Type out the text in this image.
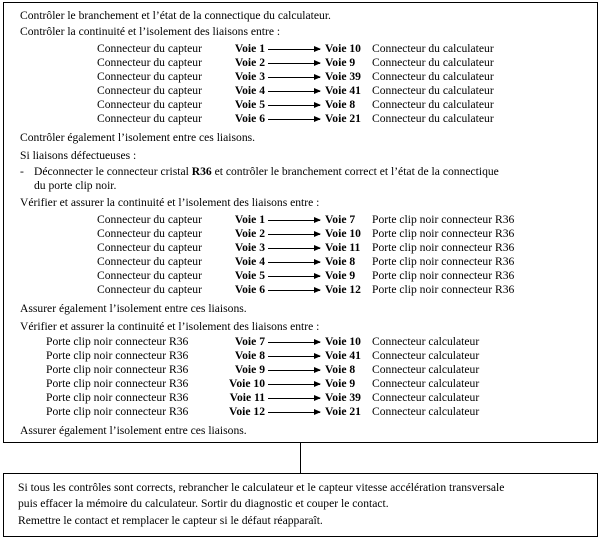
Contrôler le branchement et l’état de la connectique du calculateur.
Contrôler la continuité et l’isolement des liaisons entre :
Connecteur du capteur	Voie 1	Voie 10 Connecteur du calculateur
Connecteur du capteur	Voie 2	Voie 9 Connecteur du calculateur
Connecteur du capteur	Voie 3	Voie 39 Connecteur du calculateur
Connecteur du capteur	Voie 4	Voie 41 Connecteur du calculateur
Connecteur du capteur	Voie 5	Voie 8 Connecteur du calculateur
Connecteur du capteur	Voie 6	Voie 21 Connecteur du calculateur
Contrôler également l’isolement entre ces liaisons.
Si liaisons défectueuses :
- Déconnecter le connecteur cristal R36 et contrôler le branchement correct et l’état de la connectique
du porte clip noir.
Vérifier et assurer la continuité et l’isolement des liaisons entre :
Connecteur du capteur	Voie 1	Voie 7 Porte clip noir connecteur R36
Connecteur du capteur	Voie 2	Voie 10 Porte clip noir connecteur R36
Connecteur du capteur	Voie 3	Voie 11 Porte clip noir connecteur R36
Connecteur du capteur	Voie 4	Voie 8 Porte clip noir connecteur R36
Connecteur du capteur	Voie 5	Voie 9 Porte clip noir connecteur R36
Connecteur du capteur	Voie 6	Voie 12 Porte clip noir connecteur R36
Assurer également l’isolement entre ces liaisons.
Vérifier et assurer la continuité et l’isolement des liaisons entre :
Porte clip noir connecteur R36	Voie 7	Voie 10 Connecteur calculateur
Porte clip noir connecteur R36	Voie 8	Voie 41 Connecteur calculateur
Porte clip noir connecteur R36	Voie 9	Voie 8 Connecteur calculateur
Porte clip noir connecteur R36	Voie 10	Voie 9 Connecteur calculateur
Porte clip noir connecteur R36	Voie 11	Voie 39 Connecteur calculateur
Porte clip noir connecteur R36	Voie 12	Voie 21 Connecteur calculateur
Assurer également l’isolement entre ces liaisons.
Si tous les contrôles sont corrects, rebrancher le calculateur et le capteur vitesse accélération transversale
puis effacer la mémoire du calculateur. Sortir du diagnostic et couper le contact.
Remettre le contact et remplacer le capteur si le défaut réapparaît.
